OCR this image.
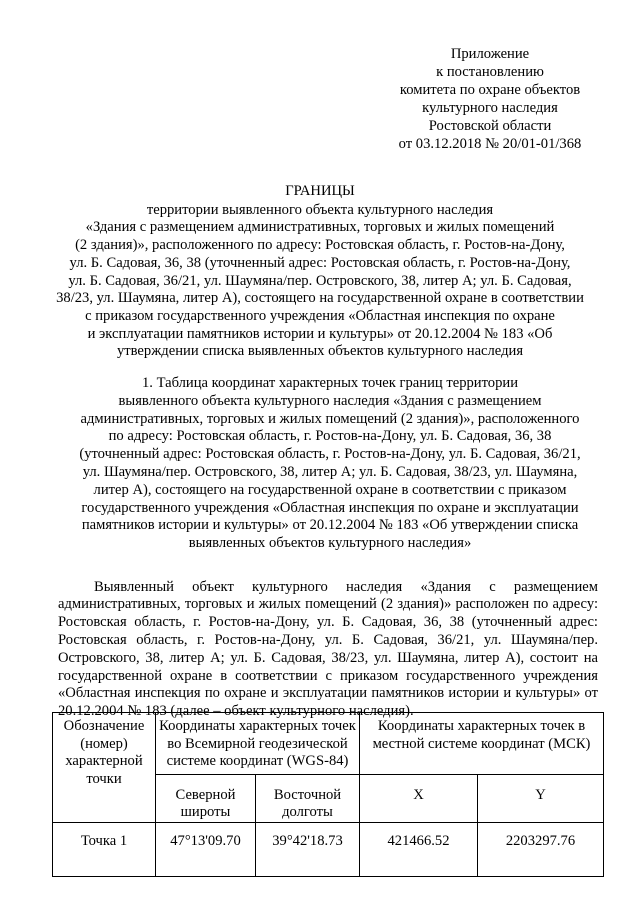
Приложение
к постановлению
комитета по охране объектов
культурного наследия
Ростовской области
от 03.12.2018 № 20/01-01/368
ГРАНИЦЫ
территории выявленного объекта культурного наследия
«Здания с размещением административных, торговых и жилых помещений
(2 здания)», расположенного по адресу: Ростовская область, г. Ростов-на-Дону,
ул. Б. Садовая, 36, 38 (уточненный адрес: Ростовская область, г. Ростов-на-Дону,
ул. Б. Садовая, 36/21, ул. Шаумяна/пер. Островского, 38, литер А; ул. Б. Садовая,
38/23, ул. Шаумяна, литер А), состоящего на государственной охране в соответствии
с приказом государственного учреждения «Областная инспекция по охране
и эксплуатации памятников истории и культуры» от 20.12.2004 № 183 «Об
утверждении списка выявленных объектов культурного наследия
1. Таблица координат характерных точек границ территории
выявленного объекта культурного наследия «Здания с размещением
административных, торговых и жилых помещений (2 здания)», расположенного
по адресу: Ростовская область, г. Ростов-на-Дону, ул. Б. Садовая, 36, 38
(уточненный адрес: Ростовская область, г. Ростов-на-Дону, ул. Б. Садовая, 36/21,
ул. Шаумяна/пер. Островского, 38, литер А; ул. Б. Садовая, 38/23, ул. Шаумяна,
литер А), состоящего на государственной охране в соответствии с приказом
государственного учреждения «Областная инспекция по охране и эксплуатации
памятников истории и культуры» от 20.12.2004 № 183 «Об утверждении списка
выявленных объектов культурного наследия»

Выявленный объект культурного наследия «Здания с размещением административных, торговых и жилых помещений (2 здания)» расположен по адресу: Ростовская область, г. Ростов-на-Дону, ул. Б. Садовая, 36, 38 (уточненный адрес: Ростовская область, г. Ростов-на-Дону, ул. Б. Садовая, 36/21, ул. Шаумяна/пер. Островского, 38, литер А; ул. Б. Садовая, 38/23, ул. Шаумяна, литер А), состоит на государственной охране в соответствии с приказом государственного учреждения «Областная инспекция по охране и эксплуатации памятников истории и культуры» от 20.12.2004 № 183 (далее – объект культурного наследия).

Обозначение (номер) характерной точки	Координаты характерных точек во Всемирной геодезической системе координат (WGS-84)		Координаты характерных точек в местной системе координат (МСК)	
	Северной широты	Восточной долготы	X	Y
Точка 1	47°13'09.70	39°42'18.73	421466.52	2203297.76
